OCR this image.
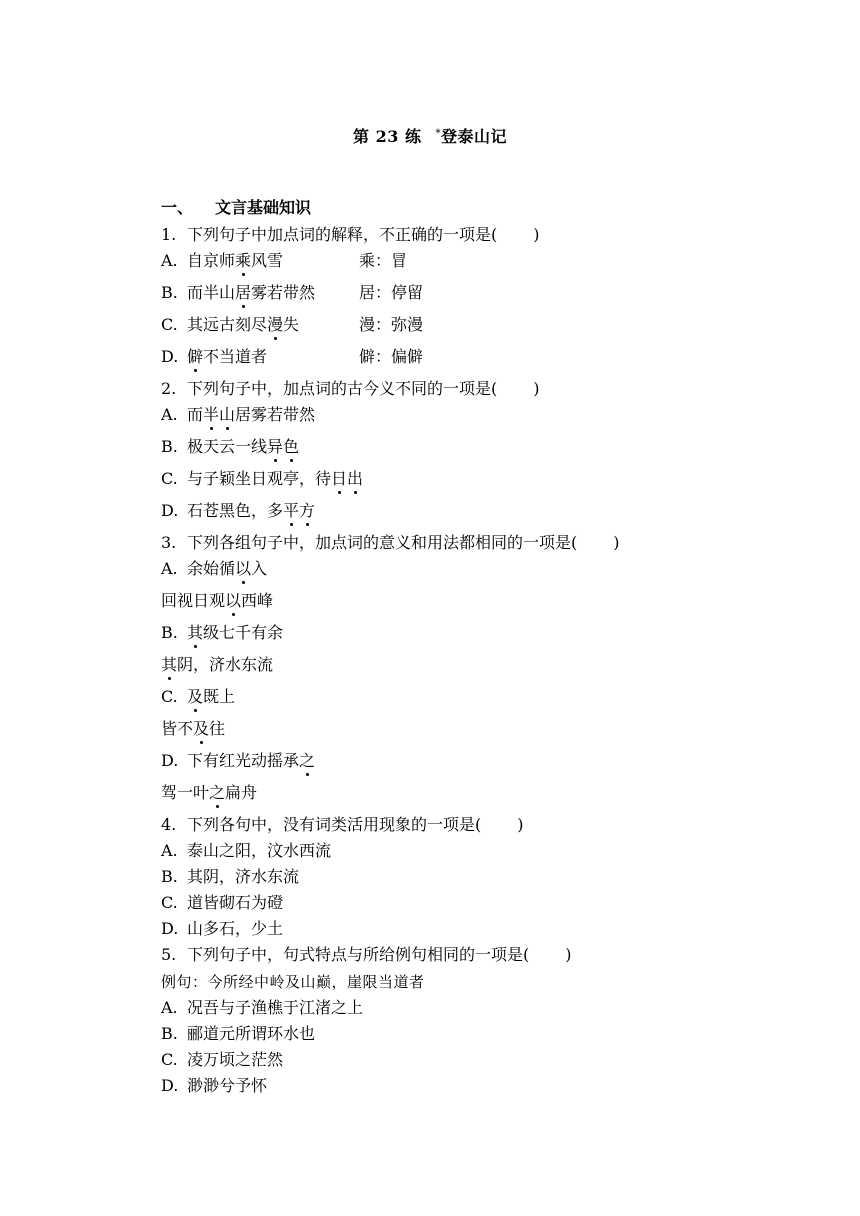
第 23 练 *登泰山记
一、 文言基础知识
1. 下列句子中加点词的解释，不正确的一项是( )
A. 自京师乘风雪	乘：冒
B. 而半山居雾若带然	居：停留
C. 其远古刻尽漫失	漫：弥漫
D. 僻不当道者	僻：偏僻
2. 下列句子中，加点词的古今义不同的一项是( )
A. 而半山居雾若带然
B. 极天云一线异色
C. 与子颖坐日观亭，待日出
D. 石苍黑色，多平方
3. 下列各组句子中，加点词的意义和用法都相同的一项是( )
A. 余始循以入
回视日观以西峰
B. 其级七千有余
其阴，济水东流
C. 及既上
皆不及往
D. 下有红光动摇承之
驾一叶之扁舟
4. 下列各句中，没有词类活用现象的一项是( )
A. 泰山之阳，汶水西流
B. 其阴，济水东流
C. 道皆砌石为磴
D. 山多石，少土
5. 下列句子中，句式特点与所给例句相同的一项是( )
例句：今所经中岭及山巅，崖限当道者
A. 况吾与子渔樵于江渚之上
B. 郦道元所谓环水也
C. 凌万顷之茫然
D. 渺渺兮予怀
